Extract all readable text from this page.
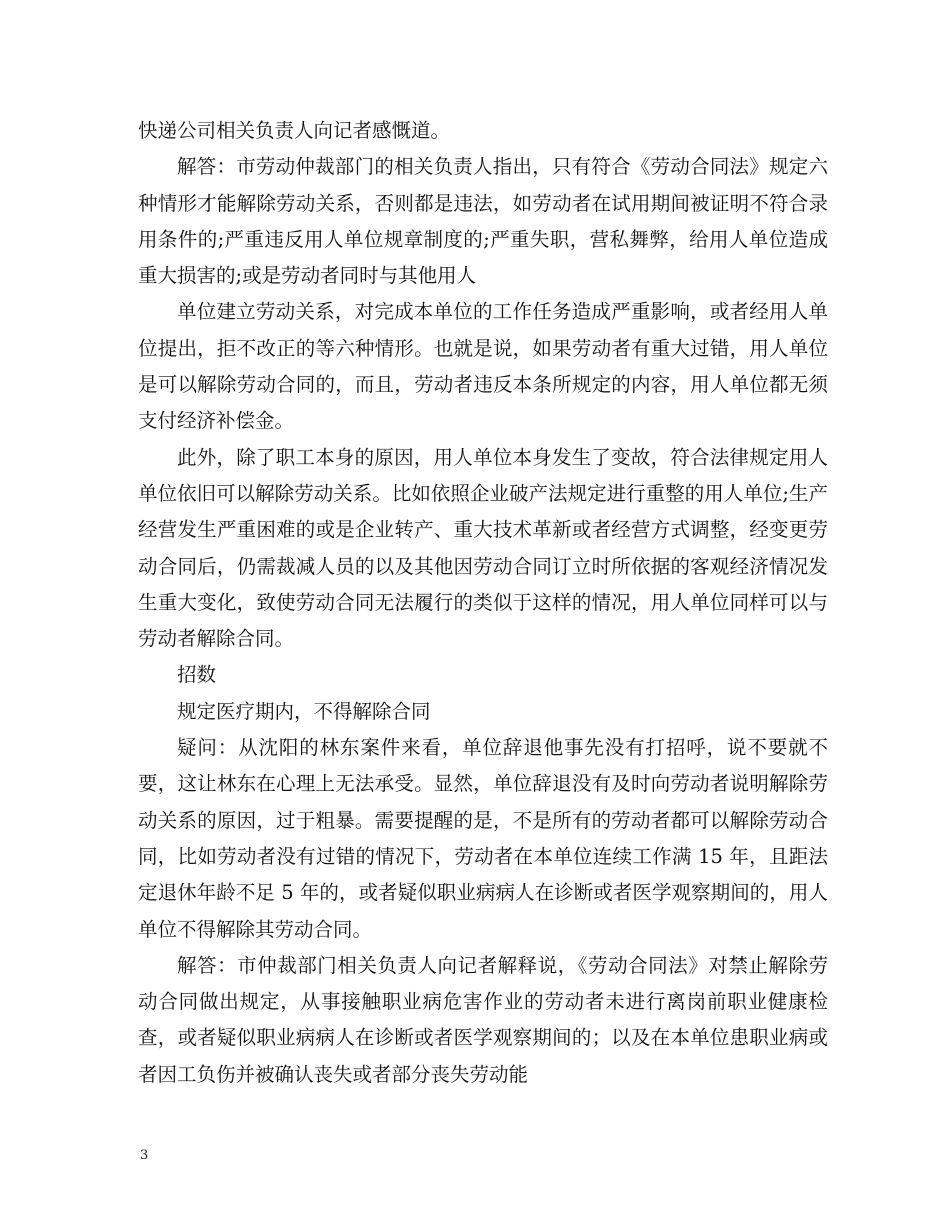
快递公司相关负责人向记者感慨道。

解答：市劳动仲裁部门的相关负责人指出，只有符合《劳动合同法》规定六种情形才能解除劳动关系，否则都是违法，如劳动者在试用期间被证明不符合录用条件的;严重违反用人单位规章制度的;严重失职，营私舞弊，给用人单位造成重大损害的;或是劳动者同时与其他用人

单位建立劳动关系，对完成本单位的工作任务造成严重影响，或者经用人单位提出，拒不改正的等六种情形。也就是说，如果劳动者有重大过错，用人单位是可以解除劳动合同的，而且，劳动者违反本条所规定的内容，用人单位都无须支付经济补偿金。

此外，除了职工本身的原因，用人单位本身发生了变故，符合法律规定用人单位依旧可以解除劳动关系。比如依照企业破产法规定进行重整的用人单位;生产经营发生严重困难的或是企业转产、重大技术革新或者经营方式调整，经变更劳动合同后，仍需裁减人员的以及其他因劳动合同订立时所依据的客观经济情况发生重大变化，致使劳动合同无法履行的类似于这样的情况，用人单位同样可以与劳动者解除合同。

招数

规定医疗期内，不得解除合同

疑问：从沈阳的林东案件来看，单位辞退他事先没有打招呼，说不要就不要，这让林东在心理上无法承受。显然，单位辞退没有及时向劳动者说明解除劳动关系的原因，过于粗暴。需要提醒的是，不是所有的劳动者都可以解除劳动合同，比如劳动者没有过错的情况下，劳动者在本单位连续工作满 15 年，且距法定退休年龄不足 5 年的，或者疑似职业病病人在诊断或者医学观察期间的，用人单位不得解除其劳动合同。

解答：市仲裁部门相关负责人向记者解释说，《劳动合同法》对禁止解除劳动合同做出规定，从事接触职业病危害作业的劳动者未进行离岗前职业健康检查，或者疑似职业病病人在诊断或者医学观察期间的；以及在本单位患职业病或者因工负伤并被确认丧失或者部分丧失劳动能

3
